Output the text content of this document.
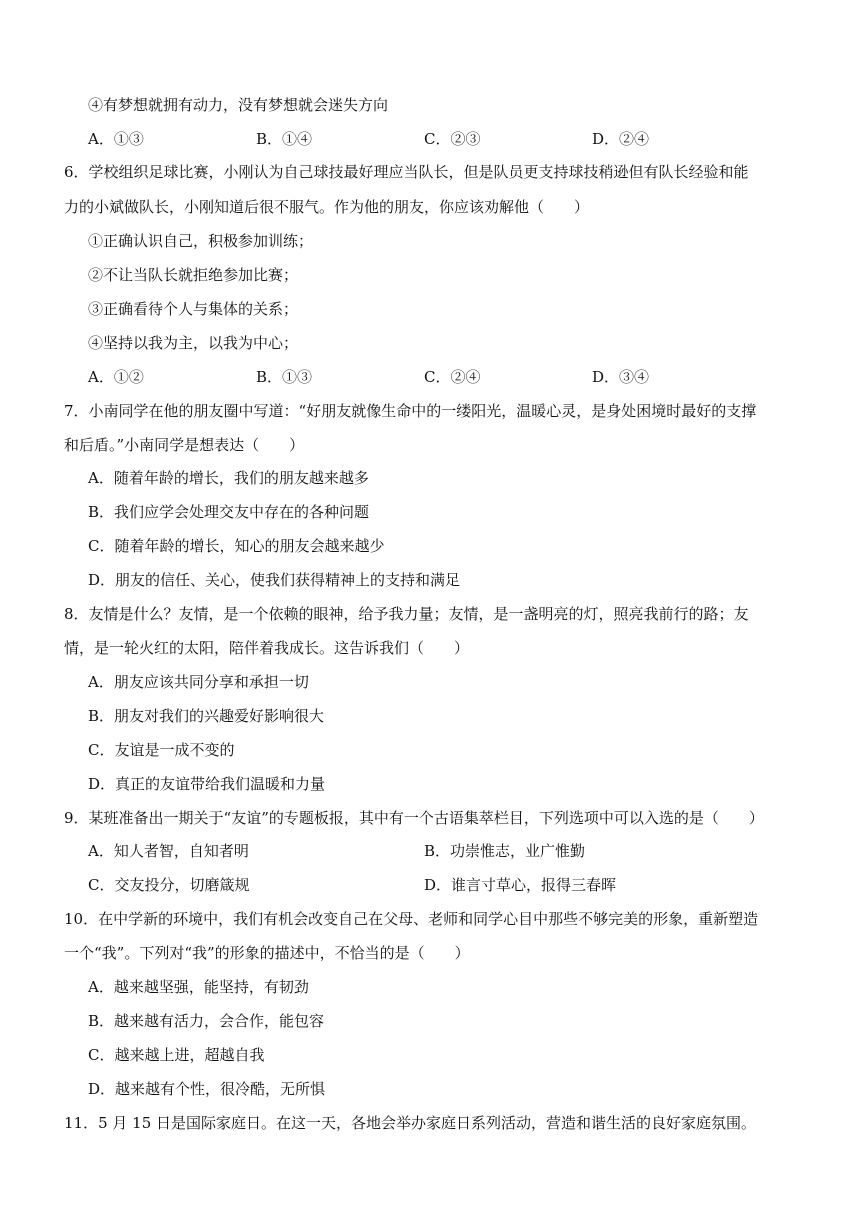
④有梦想就拥有动力，没有梦想就会迷失方向
6．学校组织足球比赛，小刚认为自己球技最好理应当队长，但是队员更支持球技稍逊但有队长经验和能
力的小斌做队长，小刚知道后很不服气。作为他的朋友，你应该劝解他（　　）
①正确认识自己，积极参加训练；
②不让当队长就拒绝参加比赛；
③正确看待个人与集体的关系；
④坚持以我为主，以我为中心；
7．小南同学在他的朋友圈中写道：“好朋友就像生命中的一缕阳光，温暖心灵，是身处困境时最好的支撑
和后盾。”小南同学是想表达（　　）
A．随着年龄的增长，我们的朋友越来越多
B．我们应学会处理交友中存在的各种问题
C．随着年龄的增长，知心的朋友会越来越少
D．朋友的信任、关心，使我们获得精神上的支持和满足
8．友情是什么？友情，是一个依赖的眼神，给予我力量；友情，是一盏明亮的灯，照亮我前行的路；友
情，是一轮火红的太阳，陪伴着我成长。这告诉我们（　　）
A．朋友应该共同分享和承担一切
B．朋友对我们的兴趣爱好影响很大
C．友谊是一成不变的
D．真正的友谊带给我们温暖和力量
9．某班准备出一期关于“友谊”的专题板报，其中有一个古语集萃栏目，下列选项中可以入选的是（　　）
10．在中学新的环境中，我们有机会改变自己在父母、老师和同学心目中那些不够完美的形象，重新塑造
一个“我”。下列对“我”的形象的描述中，不恰当的是（　　）
A．越来越坚强，能坚持，有韧劲
B．越来越有活力，会合作，能包容
C．越来越上进，超越自我
D．越来越有个性，很冷酷，无所惧
11．5 月 15 日是国际家庭日。在这一天，各地会举办家庭日系列活动，营造和谐生活的良好家庭氛围。
A．①③	B．①④	C．②③	D．②④
A．①②	B．①③	C．②④	D．③④
A．知人者智，自知者明	B．功崇惟志，业广惟勤
C．交友投分，切磨箴规	D．谁言寸草心，报得三春晖
